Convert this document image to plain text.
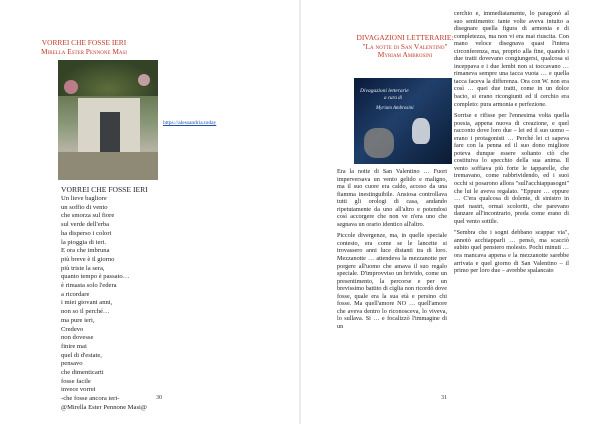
VORREI CHE FOSSE IERI
Mirella Ester Pennone Masi
https://alessandria.today
VORREI CHE FOSSE IERI
Un lieve bagliore
un soffio di vento
che smorza sul fiore
sul verde dell'erba
ha disperso i colori
la pioggia di ieri.
E ora che imbruna
più breve è il giorno
più triste la sera,
quanto tempo è passato…
è rimasta solo l'edera
a ricordare
i miei giovani anni,
non so il perché…
ma pure ieri,
Credevo
non dovesse
finire mai
quel di d'estate,
pensavo
che dimenticarti
fosse facile
invece vorrei
-che fosse ancora ieri-
@Mirella Ester Pennone Masi@
30
DIVAGAZIONI LETTERARIE:
"La notte di San Valentino"
Myriam Ambrosini
Divagazioni letterarie
a cura di
Myriam Ambrosini

Era la notte di San Valentino … Fuori imperversava un vento gelido e maligno, ma il suo cuore era caldo, acceso da una fiamma inestinguibile. Ansiosa controllava tutti gli orologi di casa, andando ripetutamente da uno all'altro e potendosi così accorgere che non ve n'era uno che segnava un orario identico all'altro.

Piccole divergenze, ma, in quelle speciale contesto, era come se le lancette si trovassero anni luce distanti tra di loro. Mezzanotte … attendeva la mezzanotte per porgere all'uomo che amava il suo regalo speciale. D'improvviso un brivido, come un presentimento, la percorse e per un brevissimo battito di ciglia non ricordò dove fosse, quale era la sua età e persino chi fosse. Ma quell'amore NO … quell'amore che aveva dentro lo riconosceva, lo viveva, lo sullava. Si … e focalizzò l'immagine di un

cerchio e, immediatamente, lo paragonò al suo sentimento: tante volte aveva intuito a disegnare quella figura di armonia e di completezza, ma non vi era mai riuscita. Con mano veloce disegnava quasi l'intera circonferenza, ma, proprio alla fine, quando i due tratti dovevano congiungersi, qualcosa si inceppava e i due lembi non si toccavano … rimaneva sempre una tacca vuota … e quella tacca faceva la differenza. Ora con W. non era così … quei due tratti, come in un dolce bacio, si erano ricongiunti ed il cerchio era completo: pura armonia e perfezione.

Sorrise e rifisse per l'ennesima volta quella poesia, appena nuova di creazione, e quel racconto dove loro due – lei ed il suo uomo – erano i protagonisti … Perché lei ci sapeva fare con la penna ed il suo dono migliore poteva dunque essere soltanto ciò che costituiva lo specchio della sua anima. Il vento soffiava più forte le tapparelle, che tremavano, come rabbrividendo, ed i suoi occhi si posarono allora "sull'acchiappasogni" che lui le aveva regalato. "Eppure … eppure … C'era qualcosa di dolente, di sinistro in quei nastri, ormai scoloriti, che parevano danzare all'incontrario, preda come erano di quel vento sottile.

"Sembra che i sogni debbano scappar via", annotò acchiapparli … pensò, ma scacciò subito quel pensiero molesto. Pochi minuti … ora mancava appena e la mezzanotte sarebbe arrivata e quel giorno di San Valentino – il primo per loro due – avrebbe spalancato

31
